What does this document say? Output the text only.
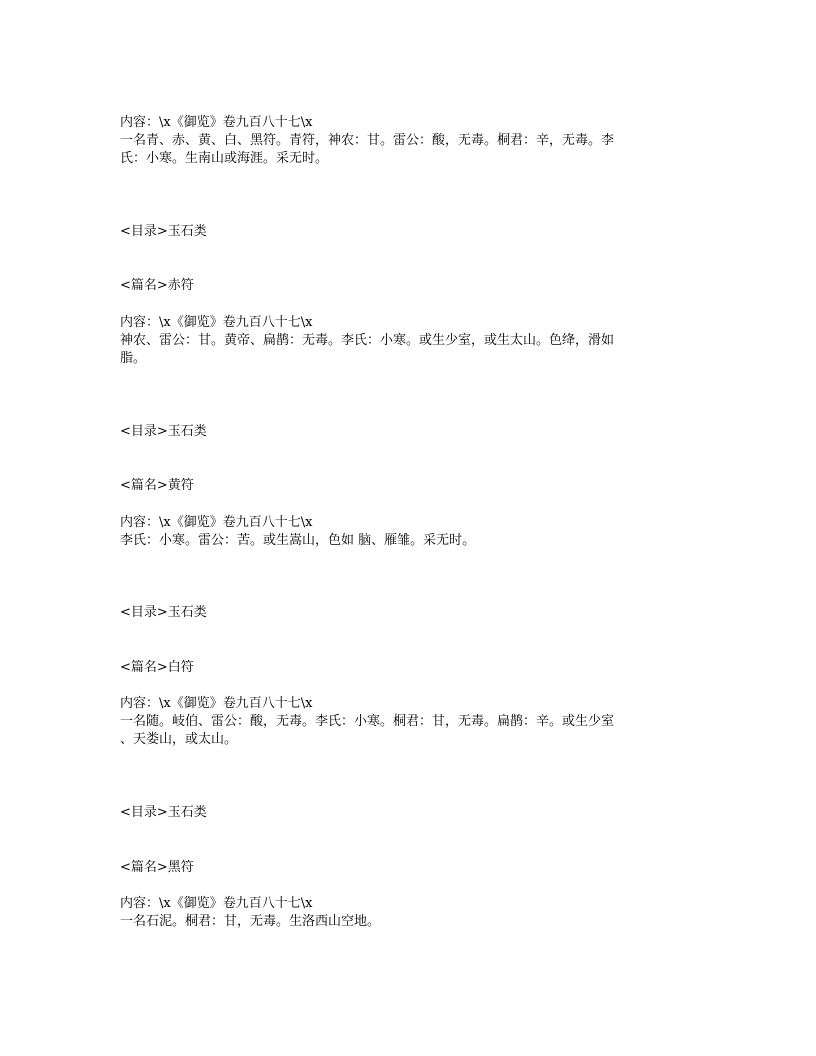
内容：\x《御览》卷九百八十七\x
一名青、赤、黄、白、黑符。青符，神农：甘。雷公：酸，无毒。桐君：辛，无毒。李
氏：小寒。生南山或海涯。采无时。
<目录>玉石类
<篇名>赤符
内容：\x《御览》卷九百八十七\x
神农、雷公：甘。黄帝、扁鹊：无毒。李氏：小寒。或生少室，或生太山。色绛，滑如
脂。
<目录>玉石类
<篇名>黄符
内容：\x《御览》卷九百八十七\x
李氏：小寒。雷公：苦。或生嵩山，色如 脑、雁雏。采无时。
<目录>玉石类
<篇名>白符
内容：\x《御览》卷九百八十七\x
一名随。岐伯、雷公：酸，无毒。李氏：小寒。桐君：甘，无毒。扁鹊：辛。或生少室
、天娄山，或太山。
<目录>玉石类
<篇名>黑符
内容：\x《御览》卷九百八十七\x
一名石泥。桐君：甘，无毒。生洛西山空地。
